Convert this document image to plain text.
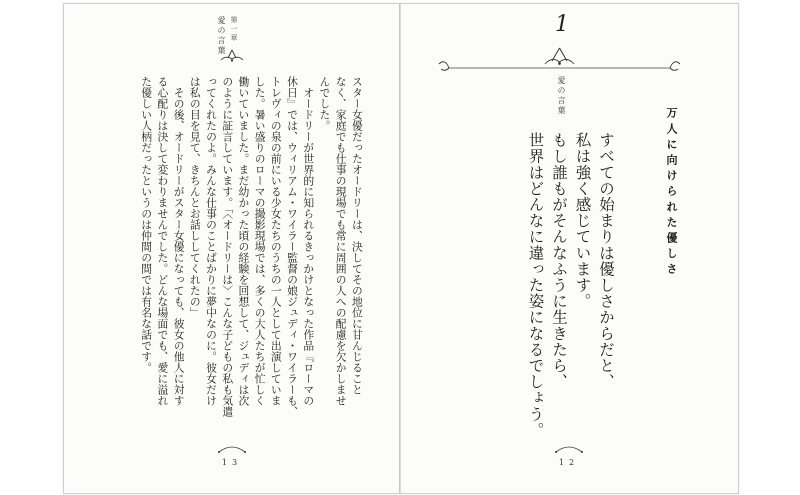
第一章
愛の言葉
スター女優だったオードリーは、決してその地位に甘んじること
なく、家庭でも仕事の現場でも常に周囲の人への配慮を欠かしませ
んでした。
　オードリーが世界的に知られるきっかけとなった作品『ローマの
休日』では、ウィリアム・ワイラー監督の娘ジュディ・ワイラーも、
トレヴィの泉の前にいる少女たちのうちの一人として出演していま
した。暑い盛りのローマの撮影現場では、多くの大人たちが忙しく
働いていました。まだ幼かった頃の経験を回想して、ジュディは次
のように証言しています。「〈オードリーは〉こんな子どもの私も気遣
ってくれたのよ。みんな仕事のことばかりに夢中なのに。彼女だけ
は私の目を見て、きちんとお話ししてくれたの」
　その後、オードリーがスター女優になっても、彼女の他人に対す
る心配りは決して変わりませんでした。どんな場面でも、愛に溢れ
た優しい人柄だったというのは仲間の間では有名な話です。
13
1
愛の言葉
万人に向けられた優しさ
すべての始まりは優しさからだと、
私は強く感じています。
もし誰もがそんなふうに生きたら、
世界はどんなに違った姿になるでしょう。
12
